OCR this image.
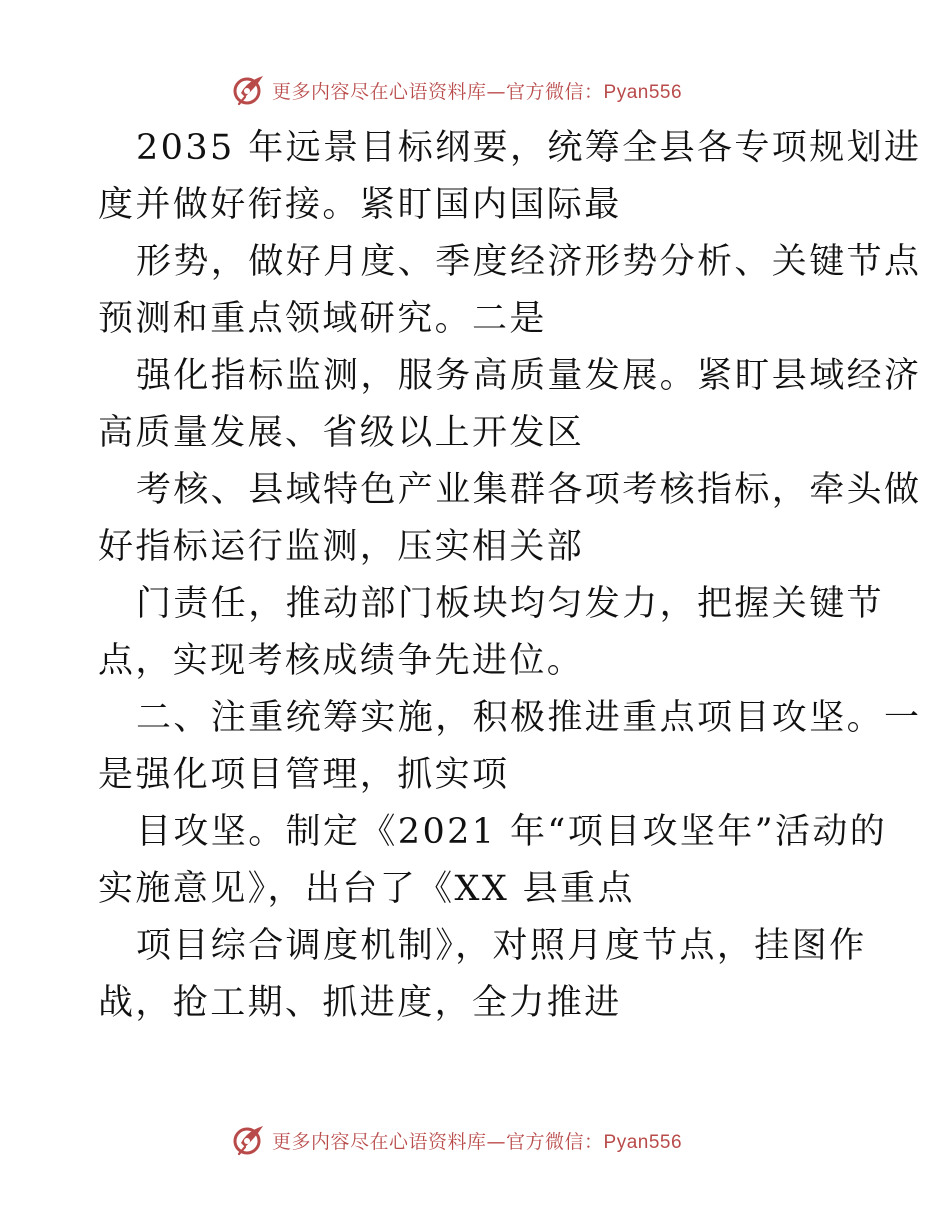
更多内容尽在心语资料库—官方微信：Pyan556

2035 年远景目标纲要，统筹全县各专项规划进
度并做好衔接。紧盯国内国际最

形势，做好月度、季度经济形势分析、关键节点
预测和重点领域研究。二是

强化指标监测，服务高质量发展。紧盯县域经济
高质量发展、省级以上开发区

考核、县域特色产业集群各项考核指标，牵头做
好指标运行监测，压实相关部

门责任，推动部门板块均匀发力，把握关键节
点，实现考核成绩争先进位。

二、注重统筹实施，积极推进重点项目攻坚。一
是强化项目管理，抓实项

目攻坚。制定《2021 年“项目攻坚年”活动的
实施意见》，出台了《XX 县重点

项目综合调度机制》，对照月度节点，挂图作
战，抢工期、抓进度，全力推进

更多内容尽在心语资料库—官方微信：Pyan556
